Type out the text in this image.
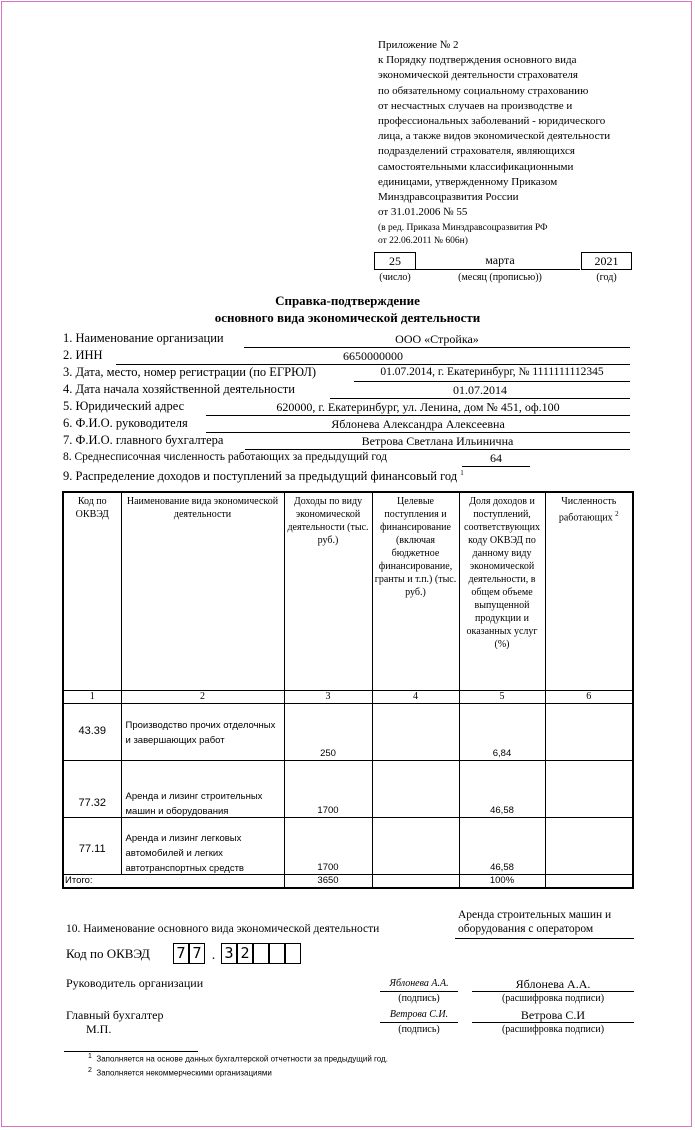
Приложение № 2
к Порядку подтверждения основного вида
экономической деятельности страхователя
по обязательному социальному страхованию
от несчастных случаев на производстве и
профессиональных заболеваний - юридического
лица, а также видов экономической деятельности
подразделений страхователя, являющихся
самостоятельными классификационными
единицами, утвержденному Приказом
Минздравсоцразвития России
от 31.01.2006 № 55
(в ред. Приказа Минздравсоцразвития РФ
от 22.06.2011 № 606н)
25	марта	2021
(число)	(месяц (прописью))	(год)
Справка-подтверждение
основного вида экономической деятельности
1. Наименование организации	ООО «Стройка»
2. ИНН	6650000000
3. Дата, место, номер регистрации (по ЕГРЮЛ)	01.07.2014, г. Екатеринбург, № 1111111112345
4. Дата начала хозяйственной деятельности	01.07.2014
5. Юридический адрес	620000, г. Екатеринбург, ул. Ленина, дом № 451, оф.100
6. Ф.И.О. руководителя	Яблонева Александра Алексеевна
7. Ф.И.О. главного бухгалтера	Ветрова Светлана Ильинична
8. Среднесписочная численность работающих за предыдущий год	64
9. Распределение доходов и поступлений за предыдущий финансовый год $^1$
Код по ОКВЭД	Наименование вида экономической деятельности	Доходы по виду экономической деятельности (тыс. руб.)	Целевые поступления и финансирование (включая бюджетное финансирование, гранты и т.п.) (тыс. руб.)	Доля доходов и поступлений, соответствующих коду ОКВЭД по данному виду экономической деятельности, в общем объеме выпущенной продукции и оказанных услуг (%)	Численность работающих $^2$
1	2	3	4	5	6

43.39	Производство прочих отделочных и завершающих работ	250		6,84	

77.32	Аренда и лизинг строительных машин и оборудования	1700		46,58	

77.11	Аренда и лизинг легковых автомобилей и легких автотранспортных средств	1700		46,58	

Итого:		3650		100%	
10. Наименование основного вида экономической деятельности
Аренда строительных машин и
оборудования с оператором
Код по ОКВЭД 7 7 . 3 2
Руководитель организации	Яблонева А.А.
(подпись)
Яблонева А.А.
(расшифровка подписи)
Главный бухгалтер
М.П.
Ветрова С.И.
(подпись)
Ветрова С.И
(расшифровка подписи)
$^1$ Заполняется на основе данных бухгалтерской отчетности за предыдущий год.
$^2$ Заполняется некоммерческими организациями
